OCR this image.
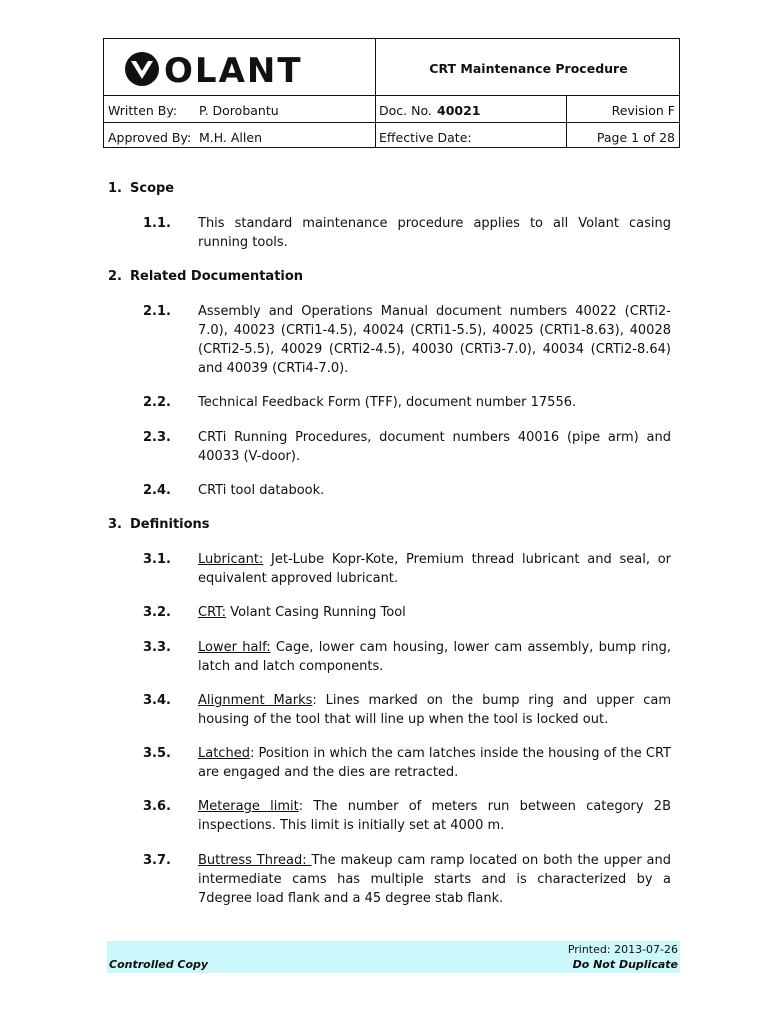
OLANT	CRT Maintenance Procedure
Written By: P. Dorobantu	Doc. No. 40021	Revision F
Approved By: M.H. Allen	Effective Date:	Page 1 of 28
1. Scope
1.1. This standard maintenance procedure applies to all Volant casing running tools.
2. Related Documentation
2.1. Assembly and Operations Manual document numbers 40022 (CRTi2-7.0), 40023 (CRTi1-4.5), 40024 (CRTi1-5.5), 40025 (CRTi1-8.63), 40028 (CRTi2-5.5), 40029 (CRTi2-4.5), 40030 (CRTi3-7.0), 40034 (CRTi2-8.64) and 40039 (CRTi4-7.0).
2.2. Technical Feedback Form (TFF), document number 17556.
2.3. CRTi Running Procedures, document numbers 40016 (pipe arm) and 40033 (V-door).
2.4. CRTi tool databook.
3. Definitions
3.1. Lubricant: Jet-Lube Kopr-Kote, Premium thread lubricant and seal, or equivalent approved lubricant.
3.2. CRT: Volant Casing Running Tool
3.3. Lower half: Cage, lower cam housing, lower cam assembly, bump ring, latch and latch components.
3.4. Alignment Marks: Lines marked on the bump ring and upper cam housing of the tool that will line up when the tool is locked out.
3.5. Latched: Position in which the cam latches inside the housing of the CRT are engaged and the dies are retracted.
3.6. Meterage limit: The number of meters run between category 2B inspections. This limit is initially set at 4000 m.
3.7. Buttress Thread: The makeup cam ramp located on both the upper and intermediate cams has multiple starts and is characterized by a 7degree load flank and a 45 degree stab flank.
Controlled Copy
Printed: 2013-07-26
Do Not Duplicate
